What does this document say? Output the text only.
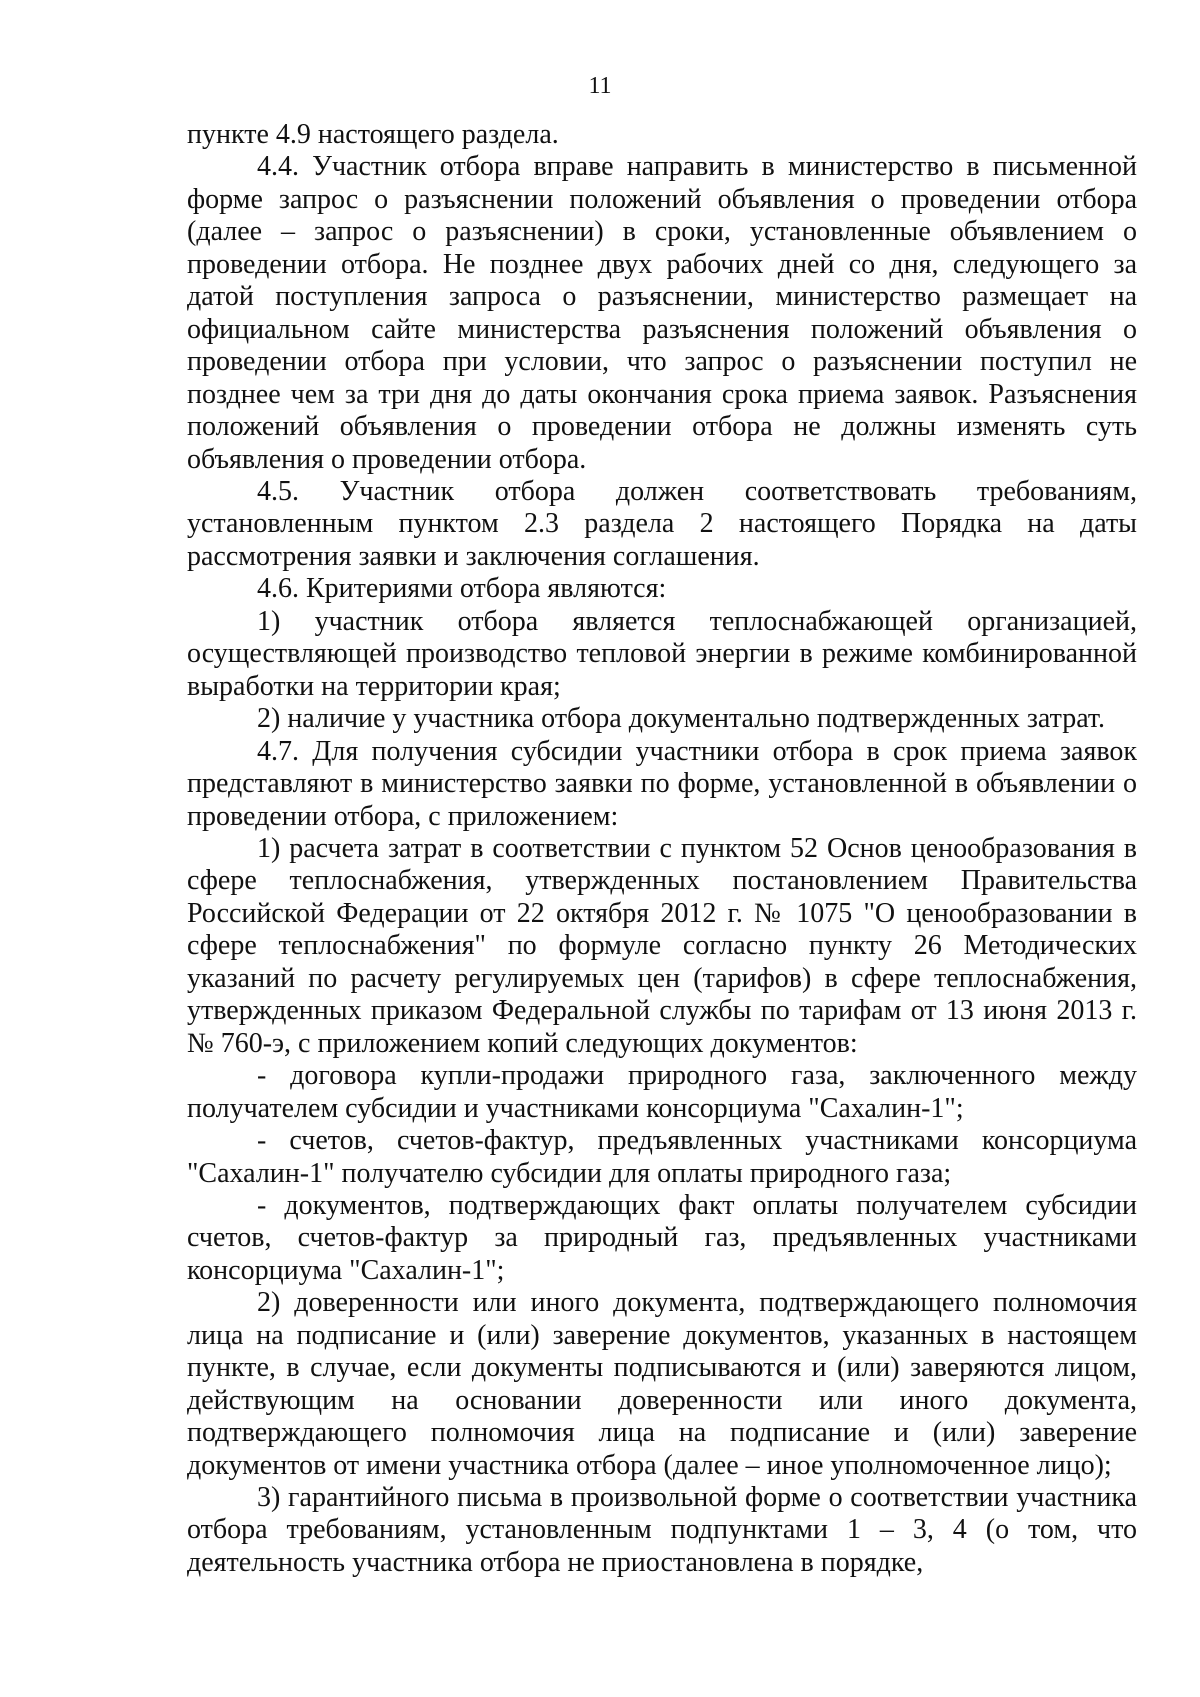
11

пункте 4.9 настоящего раздела.

4.4. Участник отбора вправе направить в министерство в письменной форме запрос о разъяснении положений объявления о проведении отбора (далее – запрос о разъяснении) в сроки, установленные объявлением о проведении отбора. Не позднее двух рабочих дней со дня, следующего за датой поступления запроса о разъяснении, министерство размещает на официальном сайте министерства разъяснения положений объявления о проведении отбора при условии, что запрос о разъяснении поступил не позднее чем за три дня до даты окончания срока приема заявок. Разъяснения положений объявления о проведении отбора не должны изменять суть объявления о проведении отбора.

4.5. Участник отбора должен соответствовать требованиям, установленным пунктом 2.3 раздела 2 настоящего Порядка на даты рассмотрения заявки и заключения соглашения.

4.6. Критериями отбора являются:

1) участник отбора является теплоснабжающей организацией, осуществляющей производство тепловой энергии в режиме комбинированной выработки на территории края;

2) наличие у участника отбора документально подтвержденных затрат.

4.7. Для получения субсидии участники отбора в срок приема заявок представляют в министерство заявки по форме, установленной в объявлении о проведении отбора, с приложением:

1) расчета затрат в соответствии с пунктом 52 Основ ценообразования в сфере теплоснабжения, утвержденных постановлением Правительства Российской Федерации от 22 октября 2012 г. № 1075 "О ценообразовании в сфере теплоснабжения" по формуле согласно пункту 26 Методических указаний по расчету регулируемых цен (тарифов) в сфере теплоснабжения, утвержденных приказом Федеральной службы по тарифам от 13 июня 2013 г. № 760-э, с приложением копий следующих документов:

- договора купли-продажи природного газа, заключенного между получателем субсидии и участниками консорциума "Сахалин-1";

- счетов, счетов-фактур, предъявленных участниками консорциума "Сахалин-1" получателю субсидии для оплаты природного газа;

- документов, подтверждающих факт оплаты получателем субсидии счетов, счетов-фактур за природный газ, предъявленных участниками консорциума "Сахалин-1";

2) доверенности или иного документа, подтверждающего полномочия лица на подписание и (или) заверение документов, указанных в настоящем пункте, в случае, если документы подписываются и (или) заверяются лицом, действующим на основании доверенности или иного документа, подтверждающего полномочия лица на подписание и (или) заверение документов от имени участника отбора (далее – иное уполномоченное лицо);

3) гарантийного письма в произвольной форме о соответствии участника отбора требованиям, установленным подпунктами 1 – 3, 4 (о том, что деятельность участника отбора не приостановлена в порядке,
